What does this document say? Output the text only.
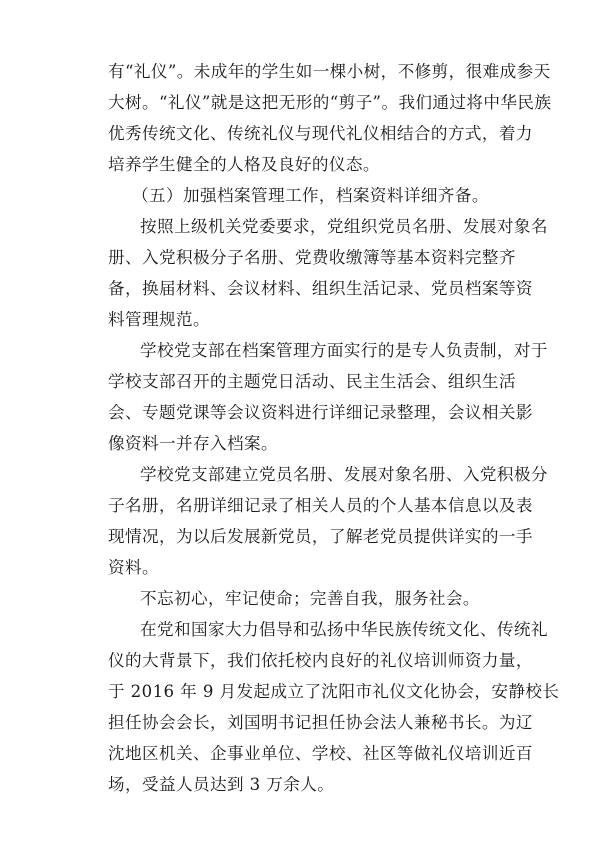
有“礼仪”。未成年的学生如一棵小树，不修剪，很难成参天
大树。“礼仪”就是这把无形的“剪子”。我们通过将中华民族
优秀传统文化、传统礼仪与现代礼仪相结合的方式，着力
培养学生健全的人格及良好的仪态。
（五）加强档案管理工作，档案资料详细齐备。
按照上级机关党委要求，党组织党员名册、发展对象名
册、入党积极分子名册、党费收缴簿等基本资料完整齐
备，换届材料、会议材料、组织生活记录、党员档案等资
料管理规范。
学校党支部在档案管理方面实行的是专人负责制，对于
学校支部召开的主题党日活动、民主生活会、组织生活
会、专题党课等会议资料进行详细记录整理，会议相关影
像资料一并存入档案。
学校党支部建立党员名册、发展对象名册、入党积极分
子名册，名册详细记录了相关人员的个人基本信息以及表
现情况，为以后发展新党员，了解老党员提供详实的一手
资料。
不忘初心，牢记使命；完善自我，服务社会。
在党和国家大力倡导和弘扬中华民族传统文化、传统礼
仪的大背景下，我们依托校内良好的礼仪培训师资力量，
于 2016 年 9 月发起成立了沈阳市礼仪文化协会，安静校长
担任协会会长，刘国明书记担任协会法人兼秘书长。为辽
沈地区机关、企事业单位、学校、社区等做礼仪培训近百
场，受益人员达到 3 万余人。
